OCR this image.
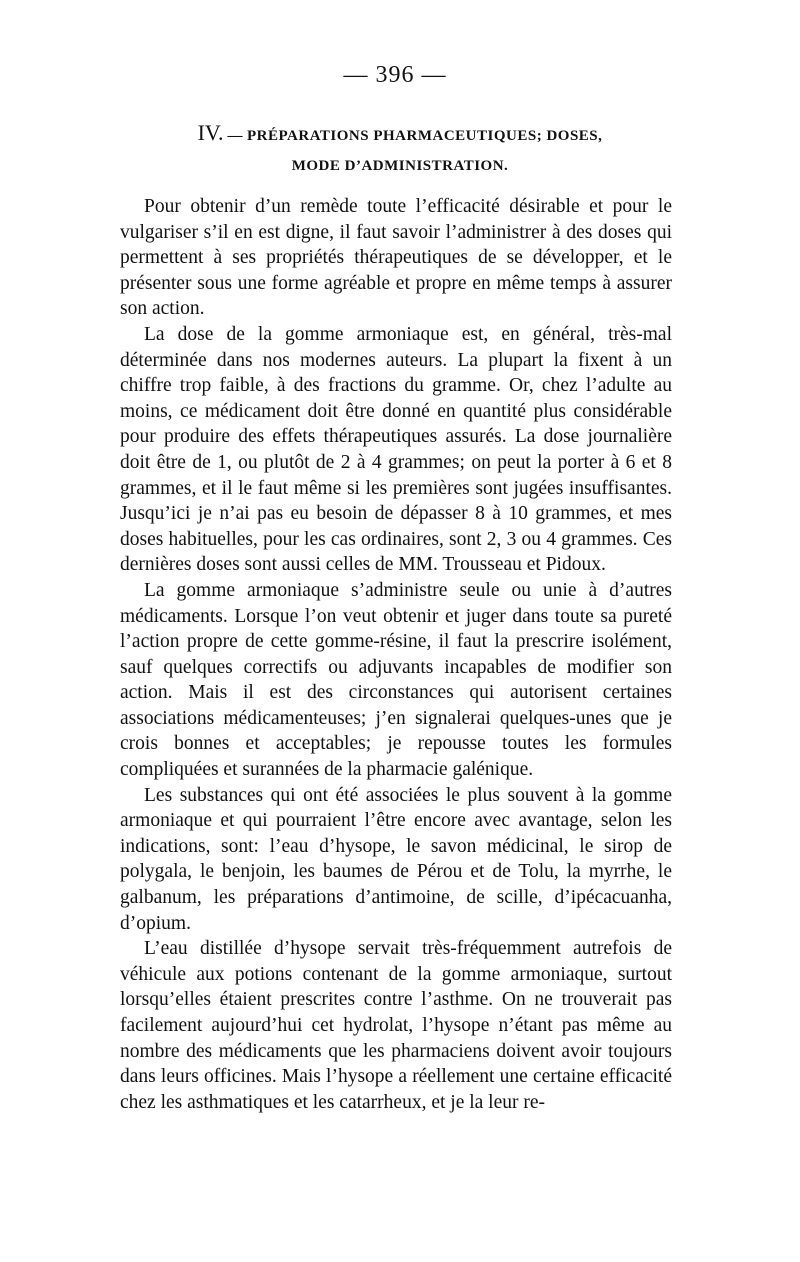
— 396 —
IV. — PRÉPARATIONS PHARMACEUTIQUES; DOSES,
MODE D’ADMINISTRATION.

Pour obtenir d’un remède toute l’efficacité désirable et pour le vulgariser s’il en est digne, il faut savoir l’administrer à des doses qui permettent à ses propriétés thérapeutiques de se développer, et le présenter sous une forme agréable et propre en même temps à assurer son action.

La dose de la gomme armoniaque est, en général, très-mal déterminée dans nos modernes auteurs. La plupart la fixent à un chiffre trop faible, à des fractions du gramme. Or, chez l’adulte au moins, ce médicament doit être donné en quantité plus considérable pour produire des effets thérapeutiques assurés. La dose journalière doit être de 1, ou plutôt de 2 à 4 grammes; on peut la porter à 6 et 8 grammes, et il le faut même si les premières sont jugées insuffisantes. Jusqu’ici je n’ai pas eu besoin de dépasser 8 à 10 grammes, et mes doses habituelles, pour les cas ordinaires, sont 2, 3 ou 4 grammes. Ces dernières doses sont aussi celles de MM. Trousseau et Pidoux.

La gomme armoniaque s’administre seule ou unie à d’autres médicaments. Lorsque l’on veut obtenir et juger dans toute sa pureté l’action propre de cette gomme-résine, il faut la prescrire isolément, sauf quelques correctifs ou adjuvants incapables de modifier son action. Mais il est des circonstances qui autorisent certaines associations médicamenteuses; j’en signalerai quelques-unes que je crois bonnes et acceptables; je repousse toutes les formules compliquées et surannées de la pharmacie galénique.

Les substances qui ont été associées le plus souvent à la gomme armoniaque et qui pourraient l’être encore avec avantage, selon les indications, sont: l’eau d’hysope, le savon médicinal, le sirop de polygala, le benjoin, les baumes de Pérou et de Tolu, la myrrhe, le galbanum, les préparations d’antimoine, de scille, d’ipécacuanha, d’opium.

L’eau distillée d’hysope servait très-fréquemment autrefois de véhicule aux potions contenant de la gomme armoniaque, surtout lorsqu’elles étaient prescrites contre l’asthme. On ne trouverait pas facilement aujourd’hui cet hydrolat, l’hysope n’étant pas même au nombre des médicaments que les pharmaciens doivent avoir toujours dans leurs officines. Mais l’hysope a réellement une certaine efficacité chez les asthmatiques et les catarrheux, et je la leur re-
